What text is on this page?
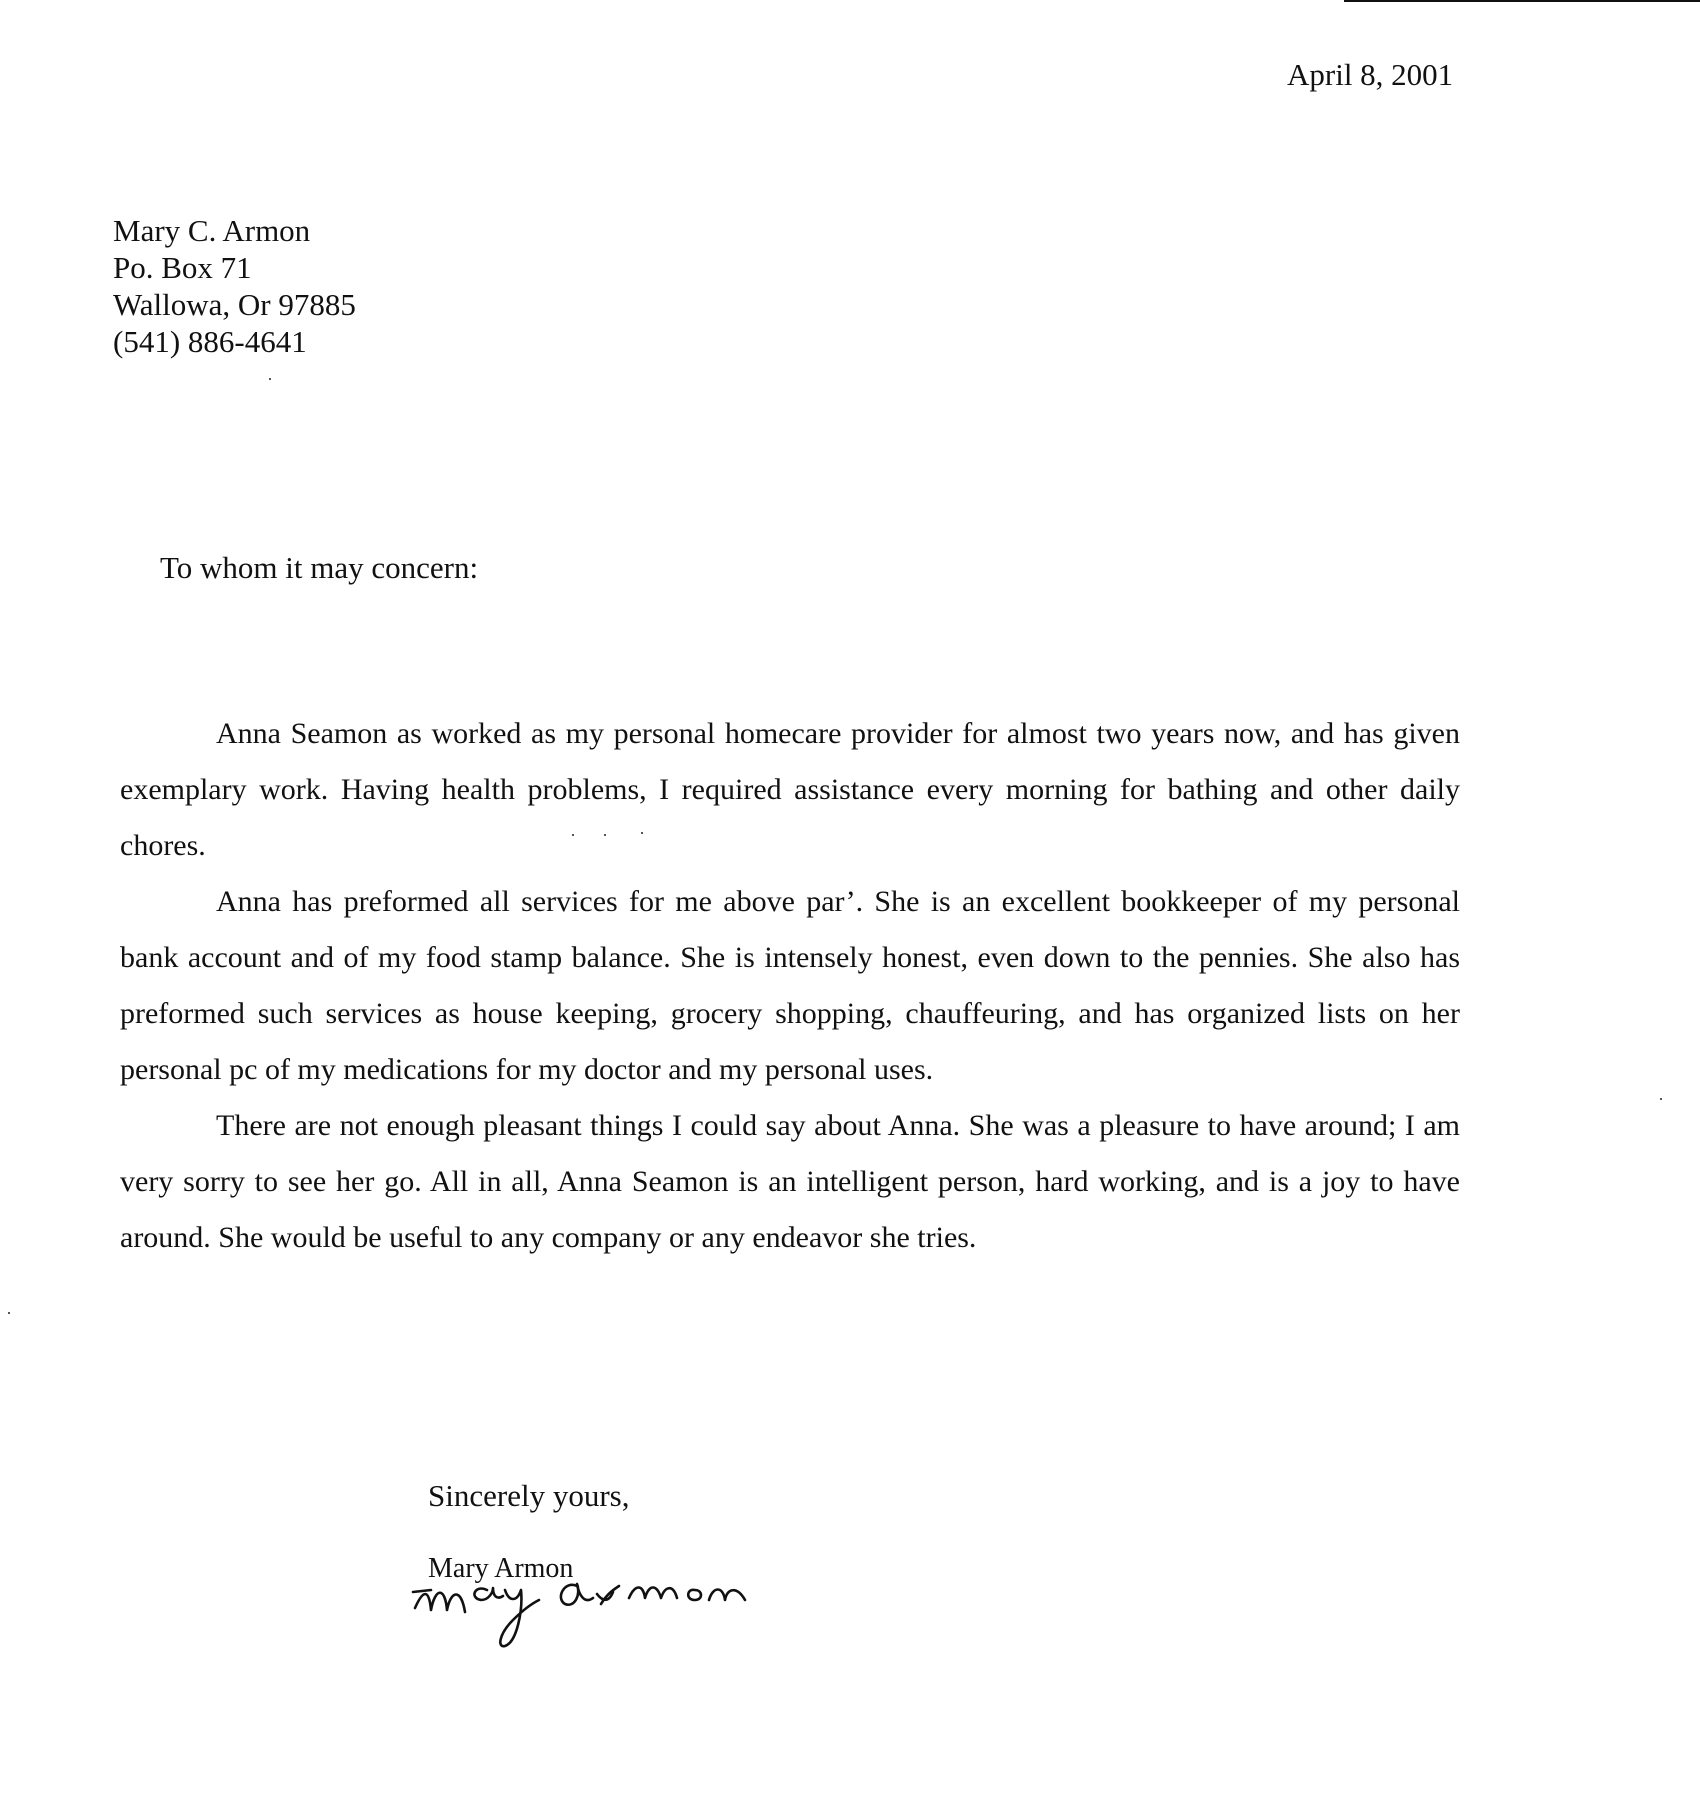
April 8, 2001
Mary C. Armon
Po. Box 71
Wallowa, Or 97885
(541) 886-4641
To whom it may concern:

Anna Seamon as worked as my personal homecare provider for almost two years now, and has given exemplary work. Having health problems, I required assistance every morning for bathing and other daily chores.

Anna has preformed all services for me above par’. She is an excellent bookkeeper of my personal bank account and of my food stamp balance. She is intensely honest, even down to the pennies. She also has preformed such services as house keeping, grocery shopping, chauffeuring, and has organized lists on her personal pc of my medications for my doctor and my personal uses.

There are not enough pleasant things I could say about Anna. She was a pleasure to have around; I am very sorry to see her go. All in all, Anna Seamon is an intelligent person, hard working, and is a joy to have around. She would be useful to any company or any endeavor she tries.

Sincerely yours,
Mary Armon
